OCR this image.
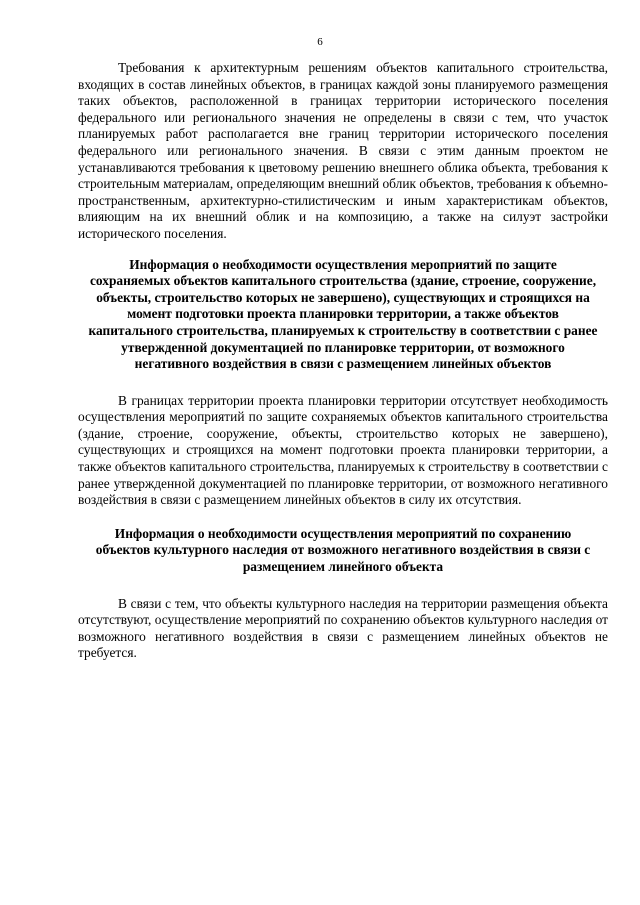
6

Требования к архитектурным решениям объектов капитального строительства, входящих в состав линейных объектов, в границах каждой зоны планируемого размещения таких объектов, расположенной в границах территории исторического поселения федерального или регионального значения не определены в связи с тем, что участок планируемых работ располагается вне границ территории исторического поселения федерального или регионального значения. В связи с этим данным проектом не устанавливаются требования к цветовому решению внешнего облика объекта, требования к строительным материалам, определяющим внешний облик объектов, требования к объемно-пространственным, архитектурно-стилистическим и иным характеристикам объектов, влияющим на их внешний облик и на композицию, а также на силуэт застройки исторического поселения.

Информация о необходимости осуществления мероприятий по защите сохраняемых объектов капитального строительства (здание, строение, сооружение, объекты, строительство которых не завершено), существующих и строящихся на момент подготовки проекта планировки территории, а также объектов капитального строительства, планируемых к строительству в соответствии с ранее утвержденной документацией по планировке территории, от возможного негативного воздействия в связи с размещением линейных объектов

В границах территории проекта планировки территории отсутствует необходимость осуществления мероприятий по защите сохраняемых объектов капитального строительства (здание, строение, сооружение, объекты, строительство которых не завершено), существующих и строящихся на момент подготовки проекта планировки территории, а также объектов капитального строительства, планируемых к строительству в соответствии с ранее утвержденной документацией по планировке территории, от возможного негативного воздействия в связи с размещением линейных объектов в силу их отсутствия.

Информация о необходимости осуществления мероприятий по сохранению объектов культурного наследия от возможного негативного воздействия в связи с размещением линейного объекта

В связи с тем, что объекты культурного наследия на территории размещения объекта отсутствуют, осуществление мероприятий по сохранению объектов культурного наследия от возможного негативного воздействия в связи с размещением линейных объектов не требуется.
